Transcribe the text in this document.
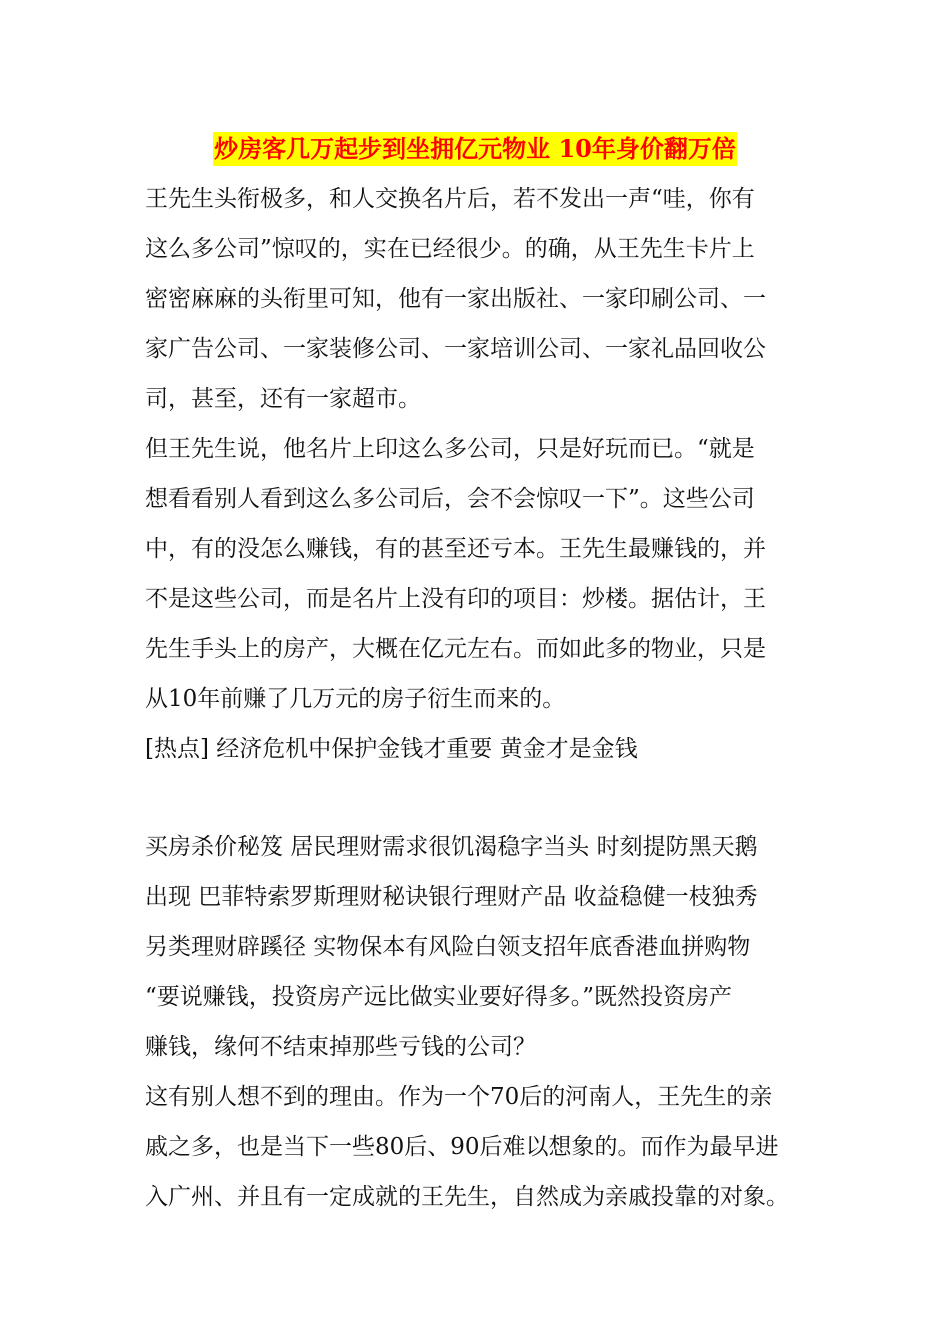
炒房客几万起步到坐拥亿元物业 10年身价翻万倍
王先生头衔极多，和人交换名片后，若不发出一声“哇，你有
这么多公司”惊叹的，实在已经很少。的确，从王先生卡片上
密密麻麻的头衔里可知，他有一家出版社、一家印刷公司、一
家广告公司、一家装修公司、一家培训公司、一家礼品回收公
司，甚至，还有一家超市。
但王先生说，他名片上印这么多公司，只是好玩而已。“就是
想看看别人看到这么多公司后，会不会惊叹一下”。这些公司
中，有的没怎么赚钱，有的甚至还亏本。王先生最赚钱的，并
不是这些公司，而是名片上没有印的项目：炒楼。据估计，王
先生手头上的房产，大概在亿元左右。而如此多的物业，只是
从10年前赚了几万元的房子衍生而来的。
[热点] 经济危机中保护金钱才重要 黄金才是金钱
买房杀价秘笈 居民理财需求很饥渴稳字当头 时刻提防黑天鹅
出现 巴菲特索罗斯理财秘诀银行理财产品 收益稳健一枝独秀
另类理财辟蹊径 实物保本有风险白领支招年底香港血拼购物
“要说赚钱，投资房产远比做实业要好得多。”既然投资房产
赚钱，缘何不结束掉那些亏钱的公司？
这有别人想不到的理由。作为一个70后的河南人，王先生的亲
戚之多，也是当下一些80后、90后难以想象的。而作为最早进
入广州、并且有一定成就的王先生，自然成为亲戚投靠的对象。
